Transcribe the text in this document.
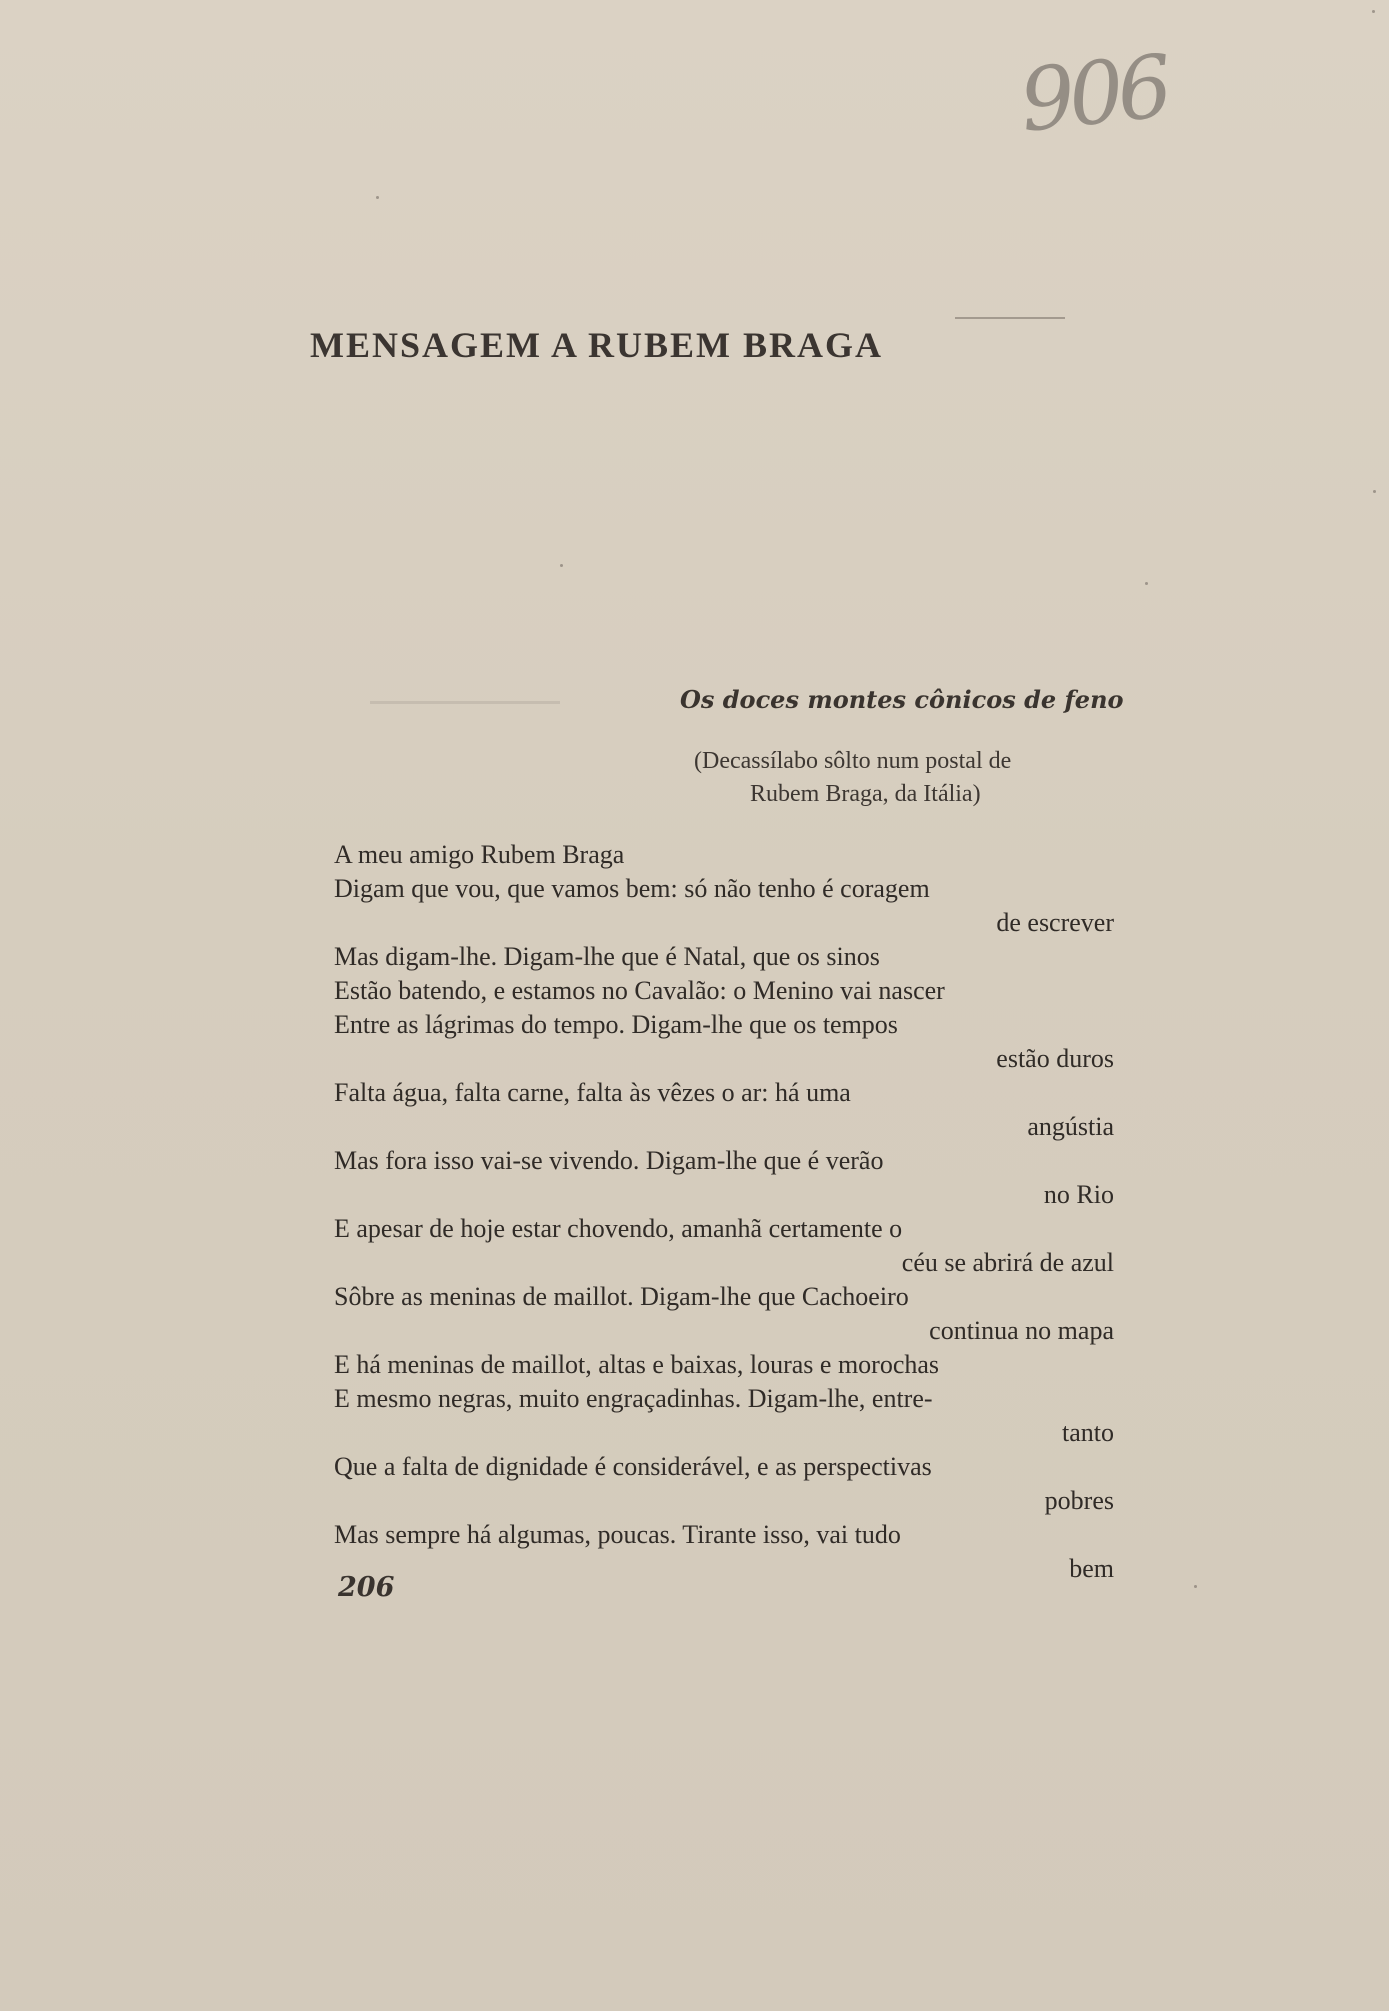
906
MENSAGEM A RUBEM BRAGA
Os doces montes cônicos de feno
(Decassílabo sôlto num postal de
Rubem Braga, da Itália)
A meu amigo Rubem Braga
Digam que vou, que vamos bem: só não tenho é coragem
de escrever
Mas digam-lhe. Digam-lhe que é Natal, que os sinos
Estão batendo, e estamos no Cavalão: o Menino vai nascer
Entre as lágrimas do tempo. Digam-lhe que os tempos
estão duros
Falta água, falta carne, falta às vêzes o ar: há uma
angústia
Mas fora isso vai-se vivendo. Digam-lhe que é verão
no Rio
E apesar de hoje estar chovendo, amanhã certamente o
céu se abrirá de azul
Sôbre as meninas de maillot. Digam-lhe que Cachoeiro
continua no mapa
E há meninas de maillot, altas e baixas, louras e morochas
E mesmo negras, muito engraçadinhas. Digam-lhe, entre-
tanto
Que a falta de dignidade é considerável, e as perspectivas
pobres
Mas sempre há algumas, poucas. Tirante isso, vai tudo
bem
206
